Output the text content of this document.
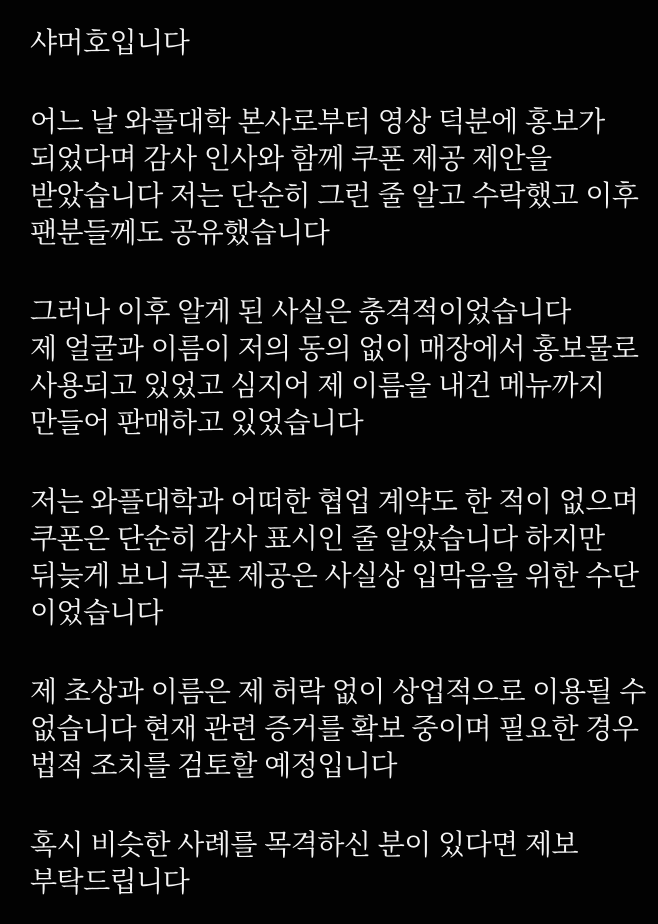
샤머호입니다

어느 날 와플대학 본사로부터 영상 덕분에 홍보가
되었다며 감사 인사와 함께 쿠폰 제공 제안을
받았습니다 저는 단순히 그런 줄 알고 수락했고 이후
팬분들께도 공유했습니다

그러나 이후 알게 된 사실은 충격적이었습니다
제 얼굴과 이름이 저의 동의 없이 매장에서 홍보물로
사용되고 있었고 심지어 제 이름을 내건 메뉴까지
만들어 판매하고 있었습니다

저는 와플대학과 어떠한 협업 계약도 한 적이 없으며
쿠폰은 단순히 감사 표시인 줄 알았습니다 하지만
뒤늦게 보니 쿠폰 제공은 사실상 입막음을 위한 수단
이었습니다

제 초상과 이름은 제 허락 없이 상업적으로 이용될 수
없습니다 현재 관련 증거를 확보 중이며 필요한 경우
법적 조치를 검토할 예정입니다

혹시 비슷한 사례를 목격하신 분이 있다면 제보
부탁드립니다
